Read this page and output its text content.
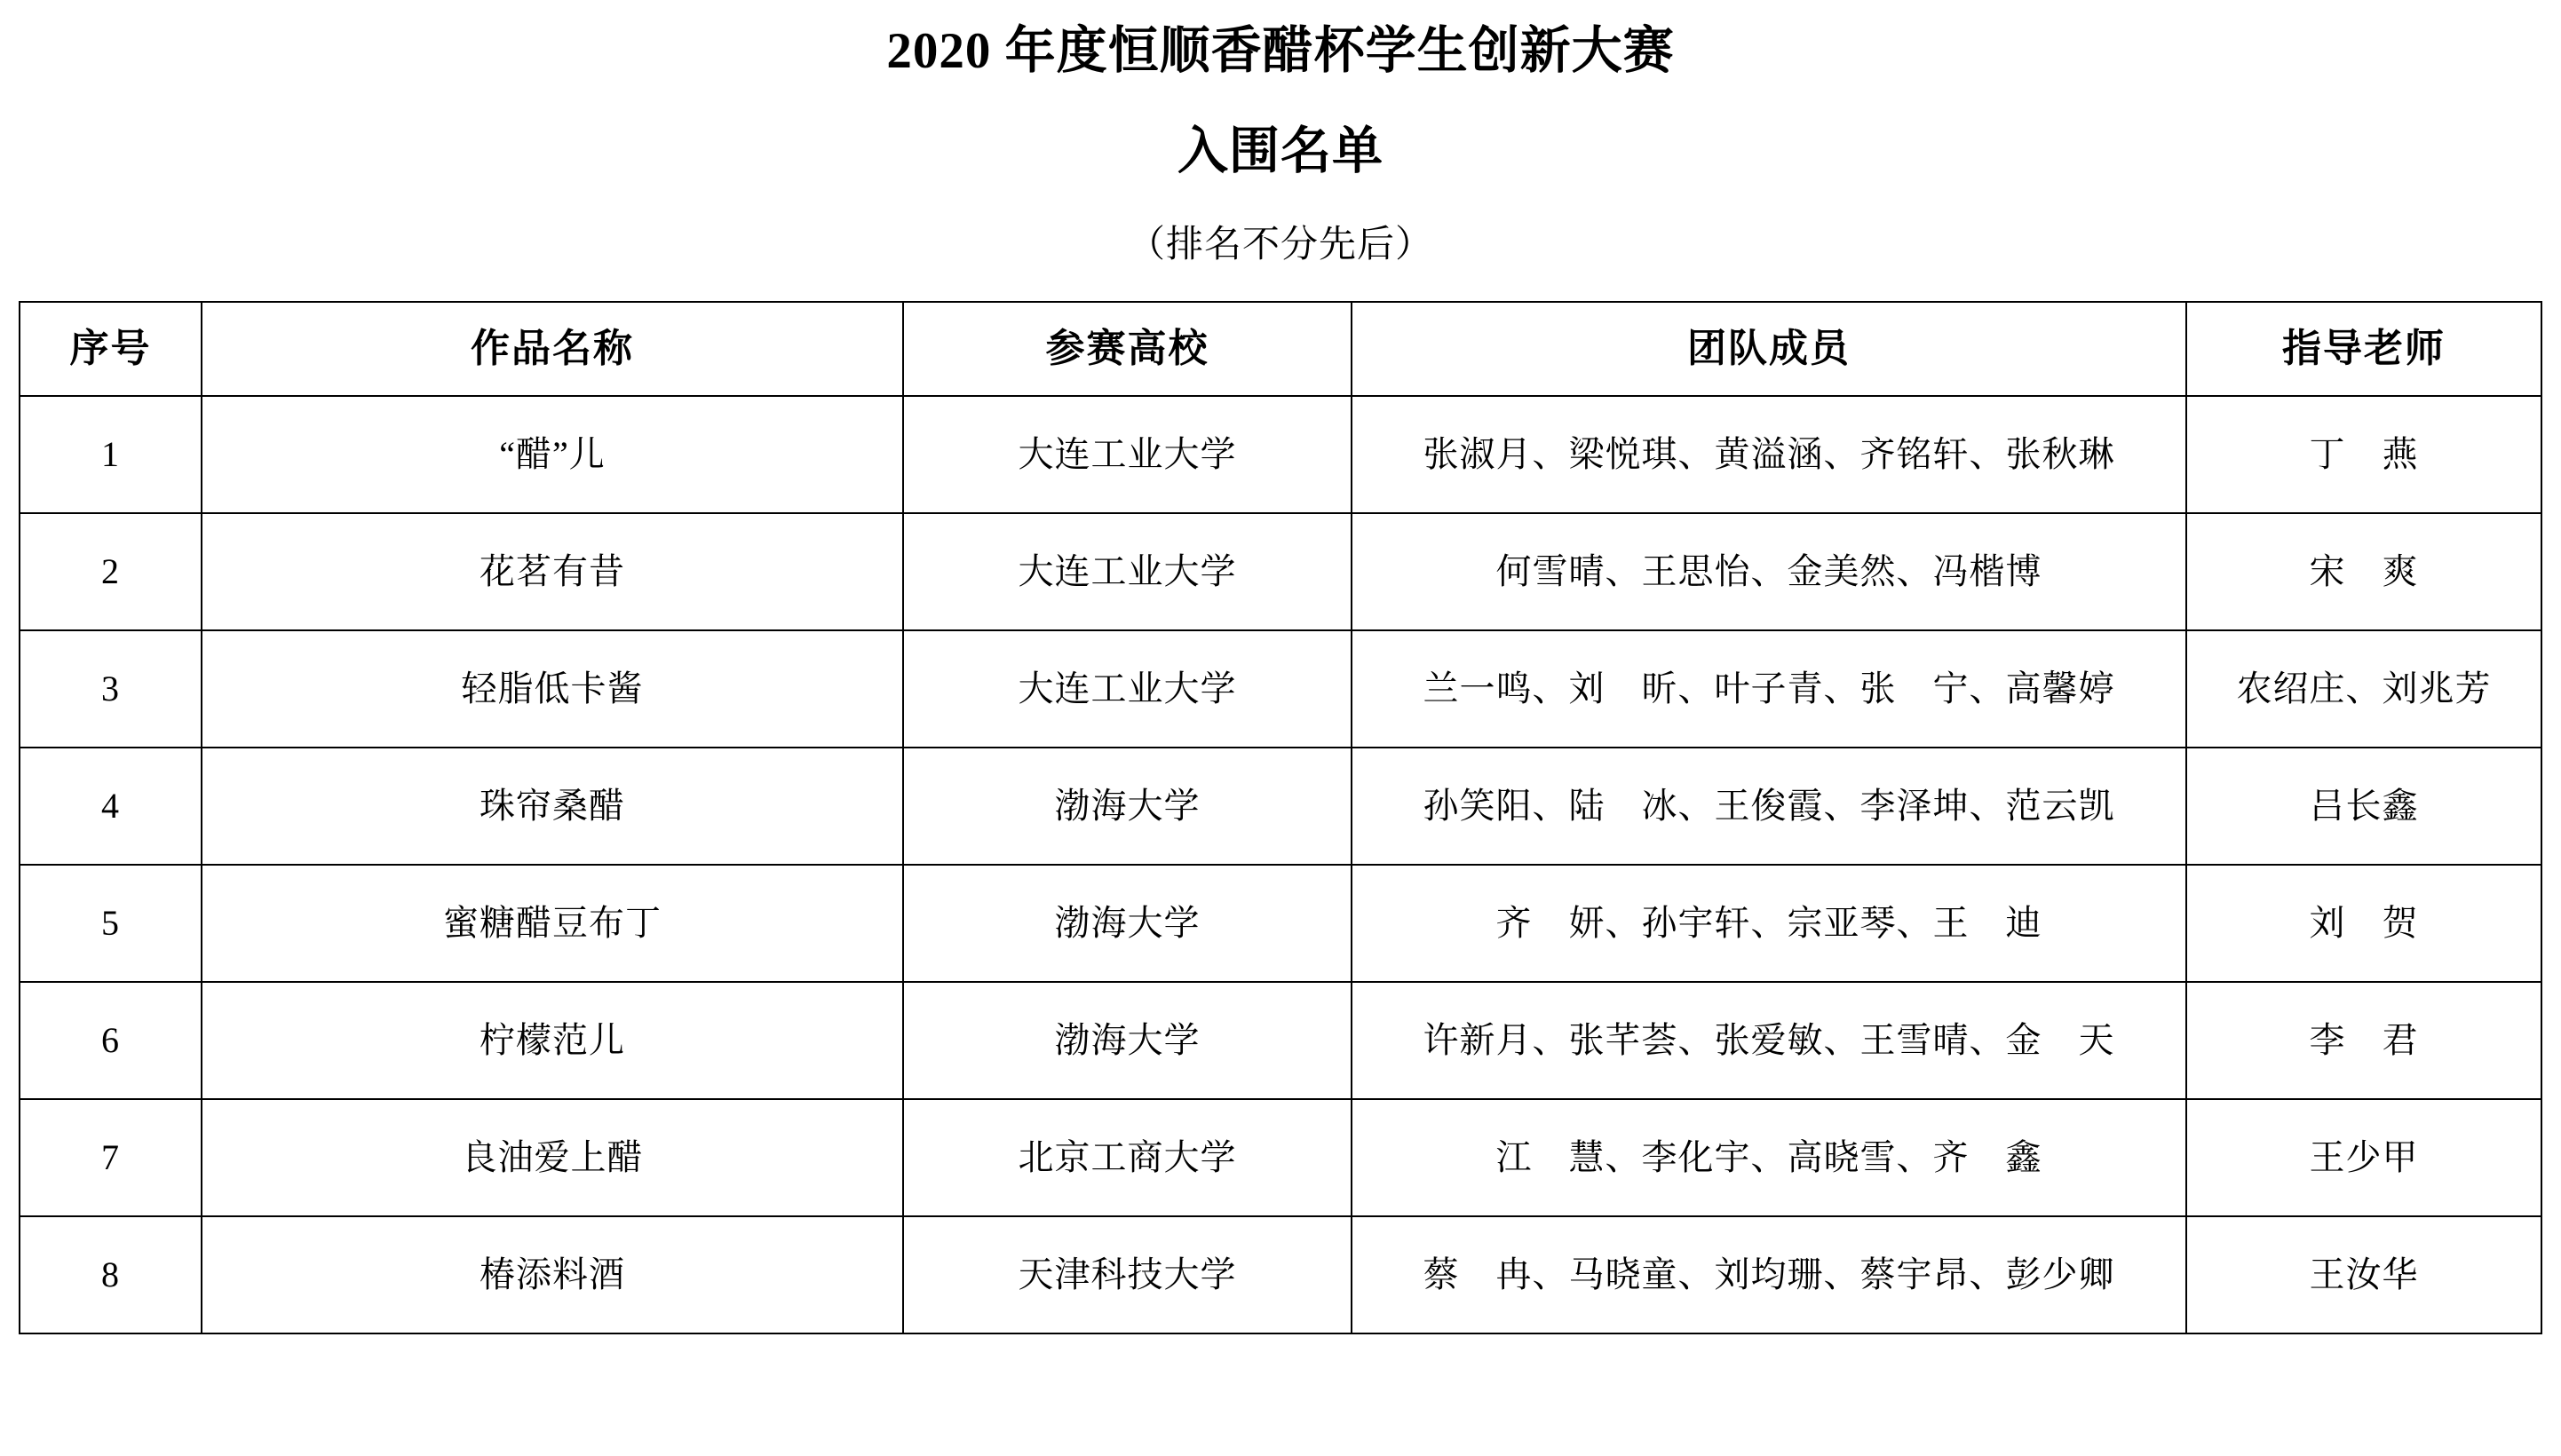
2020 年度恒顺香醋杯学生创新大赛
入围名单

（排名不分先后）

序号	作品名称	参赛高校	团队成员	指导老师
1	“醋”儿	大连工业大学	张淑月、梁悦琪、黄溢涵、齐铭轩、张秋琳	丁　燕
2	花茗有昔	大连工业大学	何雪晴、王思怡、金美然、冯楷博	宋　爽
3	轻脂低卡酱	大连工业大学	兰一鸣、刘　昕、叶子青、张　宁、高馨婷	农绍庄、刘兆芳
4	珠帘桑醋	渤海大学	孙笑阳、陆　冰、王俊霞、李泽坤、范云凯	吕长鑫
5	蜜糖醋豆布丁	渤海大学	齐　妍、孙宇轩、宗亚琴、王　迪	刘　贺
6	柠檬范儿	渤海大学	许新月、张芊荟、张爱敏、王雪晴、金　天	李　君
7	良油爱上醋	北京工商大学	江　慧、李化宇、高晓雪、齐　鑫	王少甲
8	椿添料酒	天津科技大学	蔡　冉、马晓童、刘均珊、蔡宇昂、彭少卿	王汝华
